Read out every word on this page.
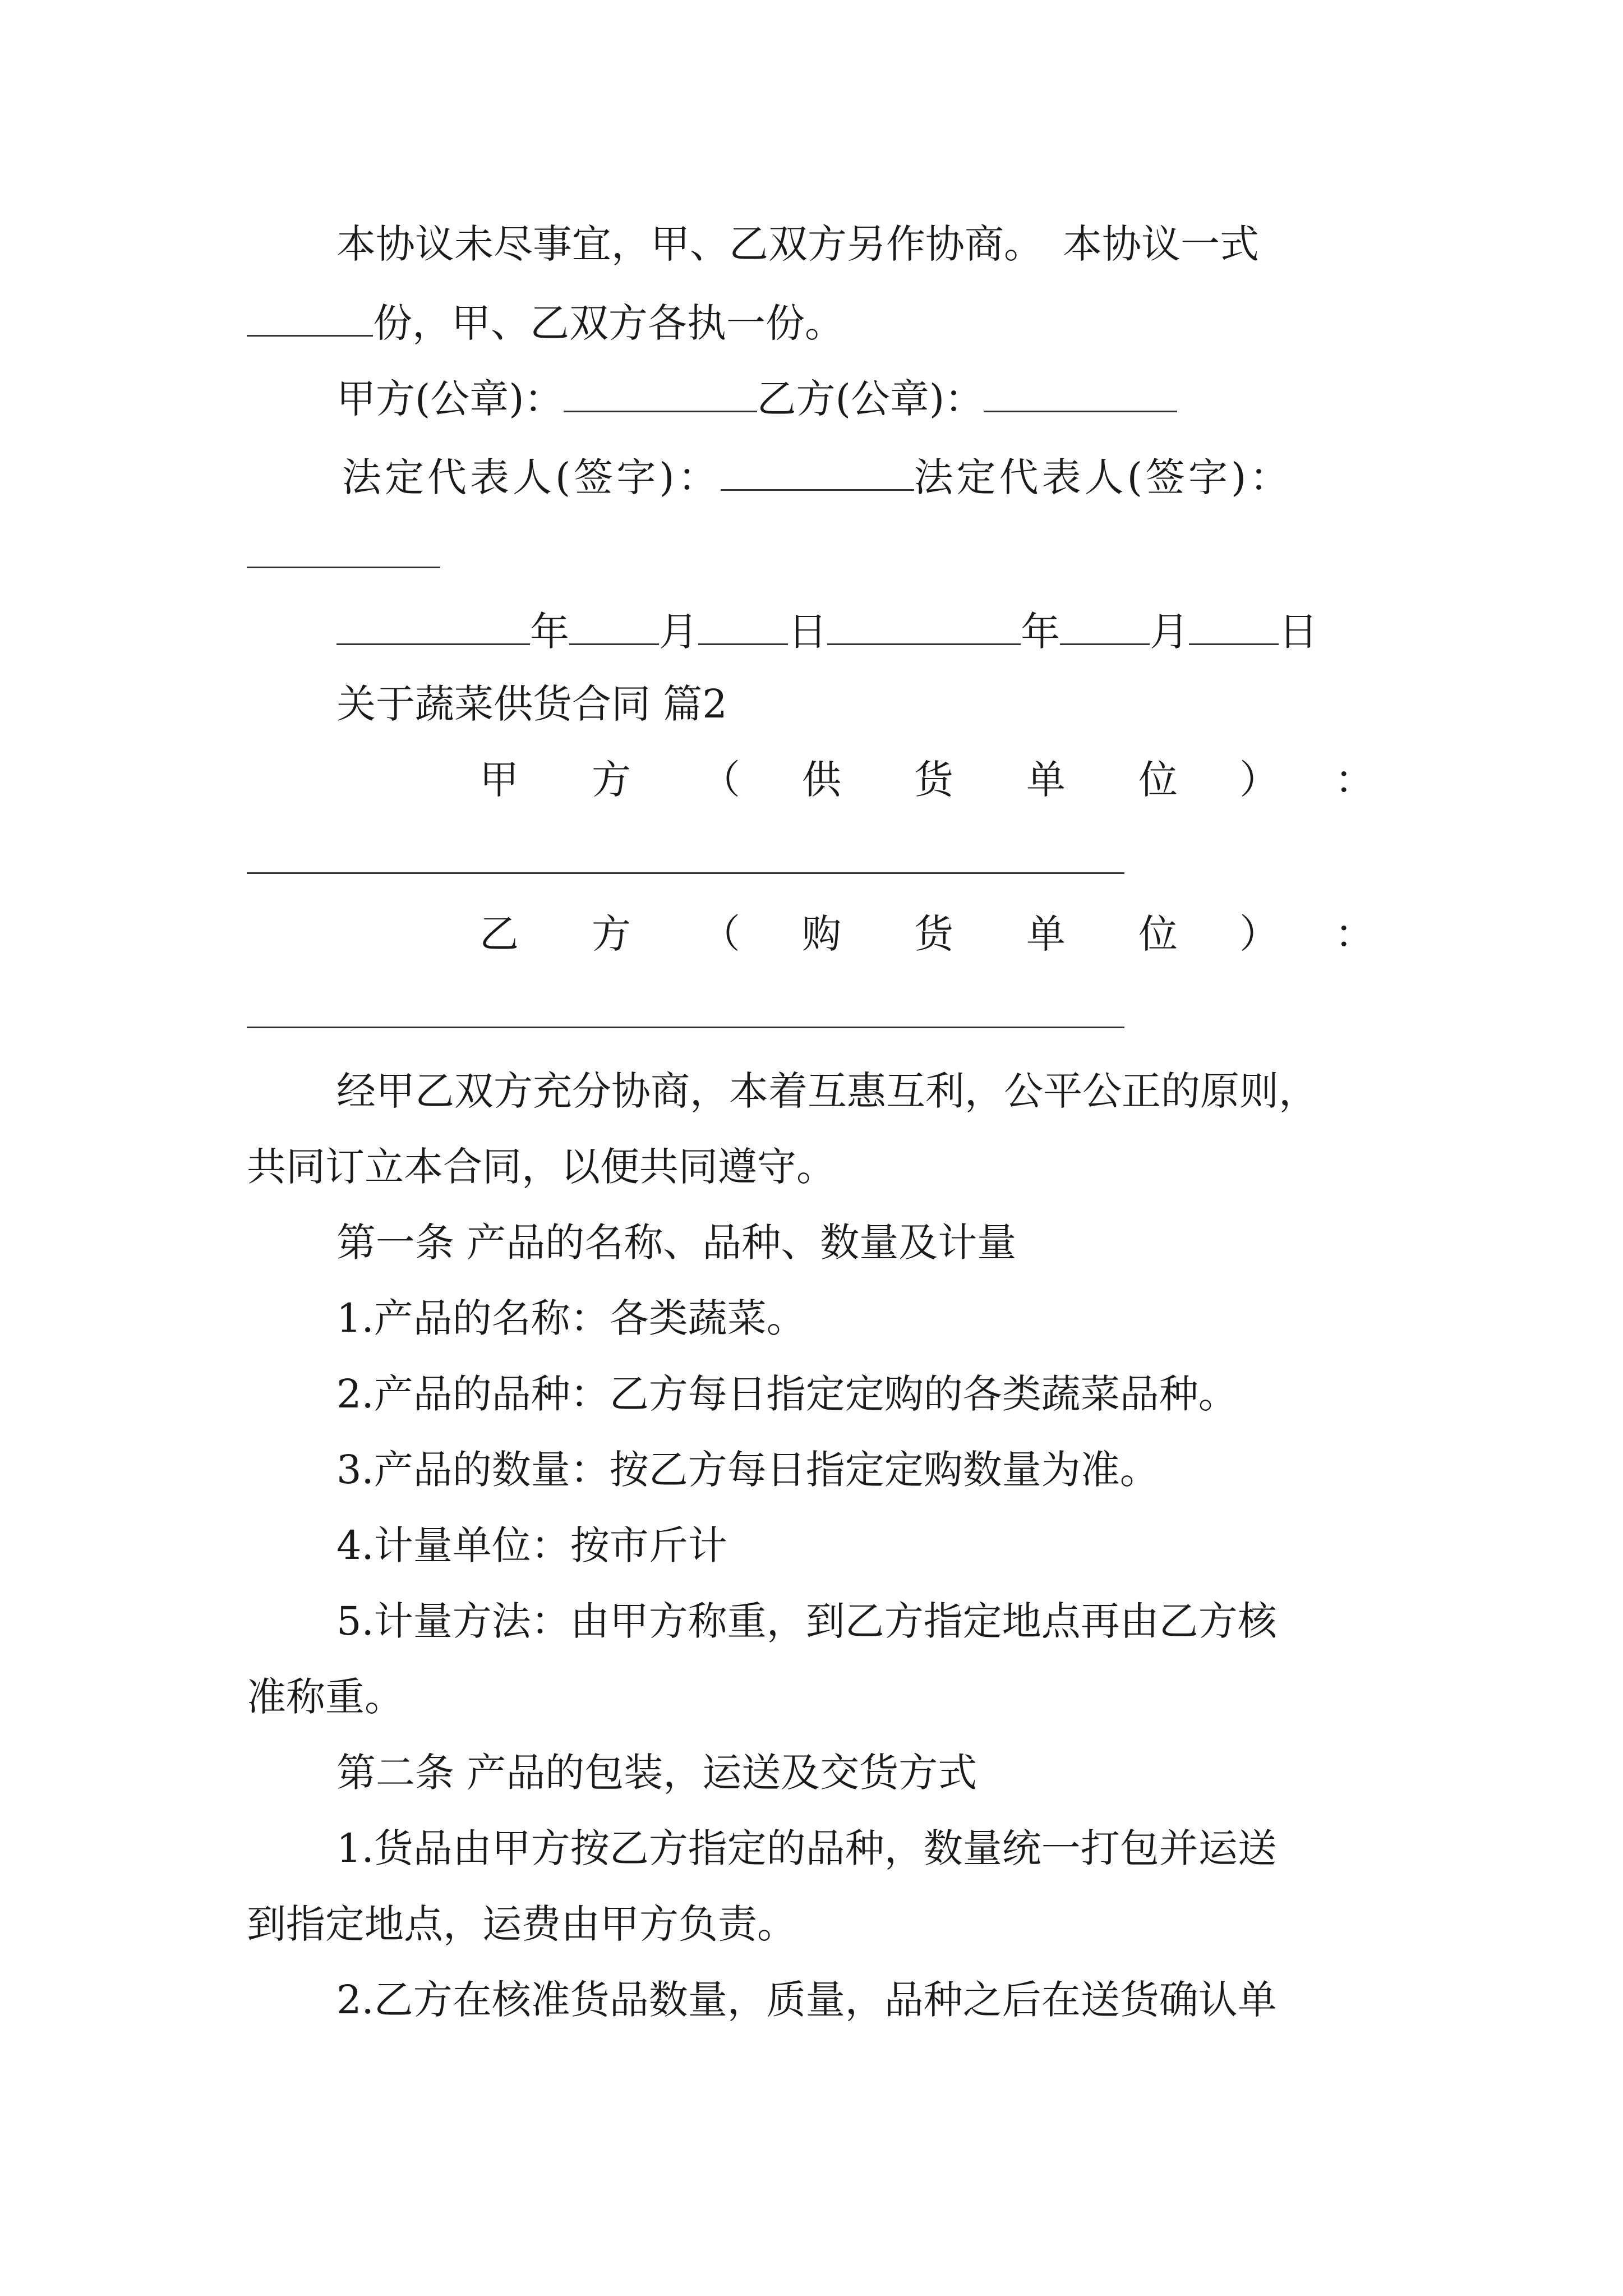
本协议未尽事宜，甲、乙双方另作协商。　本协议一式
份，甲、乙双方各执一份。
甲方(公章)：	乙方(公章)：
法定代表人(签字)：	法定代表人(签字)：
年 月 日	年 月 日
关于蔬菜供货合同 篇2
甲 方 （ 供 货 单 位 ） ：
乙 方 （ 购 货 单 位 ） ：
经甲乙双方充分协商，本着互惠互利，公平公正的原则，
共同订立本合同，以便共同遵守。
第一条 产品的名称、品种、数量及计量
1.产品的名称：各类蔬菜。
2.产品的品种：乙方每日指定定购的各类蔬菜品种。
3.产品的数量：按乙方每日指定定购数量为准。
4.计量单位：按市斤计
5.计量方法：由甲方称重，到乙方指定地点再由乙方核
准称重。
第二条 产品的包装，运送及交货方式
1.货品由甲方按乙方指定的品种，数量统一打包并运送
到指定地点，运费由甲方负责。
2.乙方在核准货品数量，质量，品种之后在送货确认单
